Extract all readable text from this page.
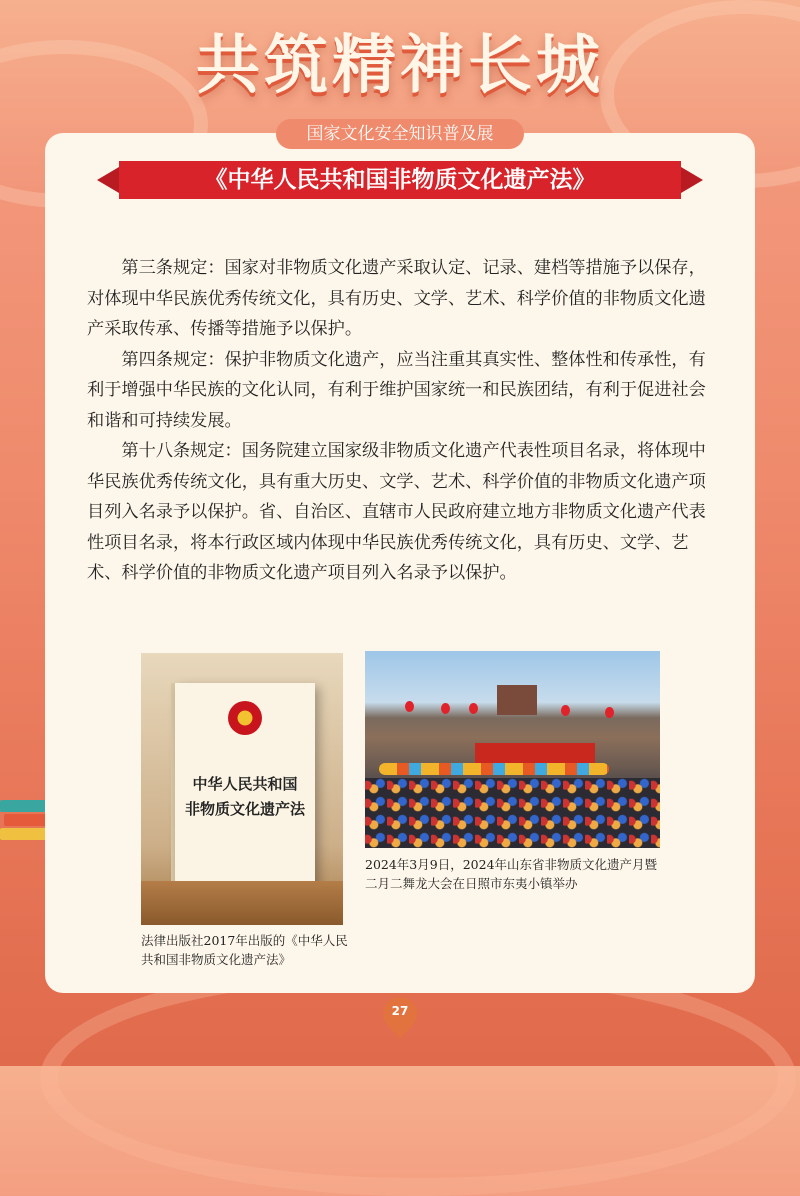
共筑精神长城
国家文化安全知识普及展
《中华人民共和国非物质文化遗产法》

第三条规定：国家对非物质文化遗产采取认定、记录、建档等措施予以保存，对体现中华民族优秀传统文化，具有历史、文学、艺术、科学价值的非物质文化遗产采取传承、传播等措施予以保护。

第四条规定：保护非物质文化遗产，应当注重其真实性、整体性和传承性，有利于增强中华民族的文化认同，有利于维护国家统一和民族团结，有利于促进社会和谐和可持续发展。

第十八条规定：国务院建立国家级非物质文化遗产代表性项目名录，将体现中华民族优秀传统文化，具有重大历史、文学、艺术、科学价值的非物质文化遗产项目列入名录予以保护。省、自治区、直辖市人民政府建立地方非物质文化遗产代表性项目名录，将本行政区域内体现中华民族优秀传统文化，具有历史、文学、艺术、科学价值的非物质文化遗产项目列入名录予以保护。

中华人民共和国
非物质文化遗产法
2024年3月9日，2024年山东省非物质文化遗产月暨二月二舞龙大会在日照市东夷小镇举办
法律出版社2017年出版的《中华人民共和国非物质文化遗产法》
27
